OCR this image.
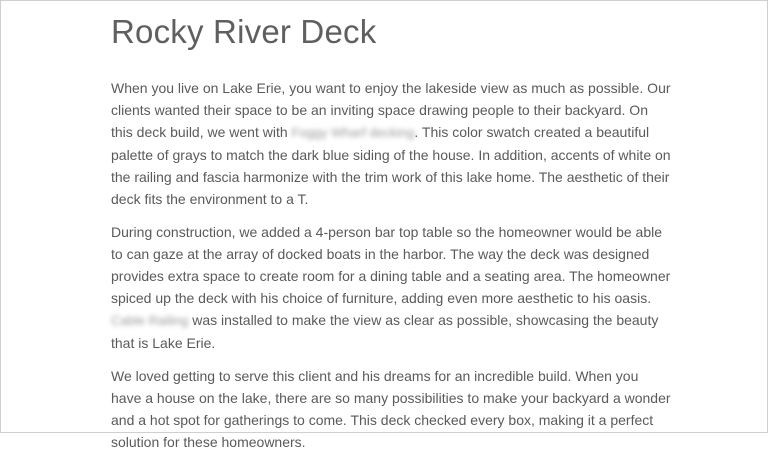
Rocky River Deck

When you live on Lake Erie, you want to enjoy the lakeside view as much as possible. Our clients wanted their space to be an inviting space drawing people to their backyard. On this deck build, we went with Foggy Wharf decking. This color swatch created a beautiful palette of grays to match the dark blue siding of the house. In addition, accents of white on the railing and fascia harmonize with the trim work of this lake home. The aesthetic of their deck fits the environment to a T.

During construction, we added a 4-person bar top table so the homeowner would be able to can gaze at the array of docked boats in the harbor. The way the deck was designed provides extra space to create room for a dining table and a seating area. The homeowner spiced up the deck with his choice of furniture, adding even more aesthetic to his oasis. Cable Railing was installed to make the view as clear as possible, showcasing the beauty that is Lake Erie.

We loved getting to serve this client and his dreams for an incredible build. When you have a house on the lake, there are so many possibilities to make your backyard a wonder and a hot spot for gatherings to come. This deck checked every box, making it a perfect solution for these homeowners.
